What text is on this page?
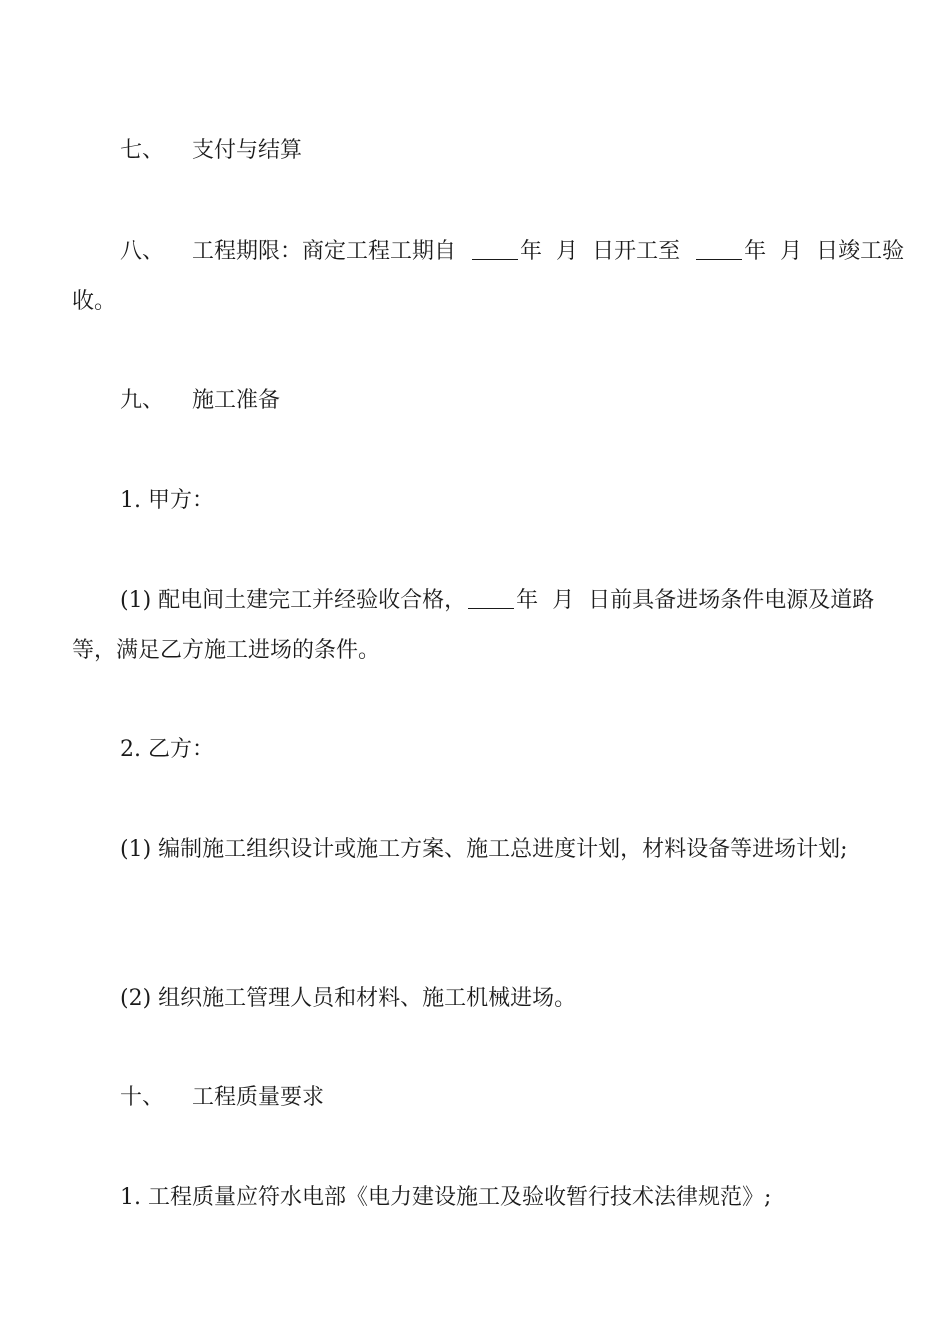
七、 支付与结算
八、 工程期限：商定工程工期自	年 月 日开工至	年 月 日竣工验
收。
九、 施工准备
1. 甲方：
(1) 配电间土建完工并经验收合格， 年 月 日前具备进场条件电源及道路
等，满足乙方施工进场的条件。
2. 乙方：
(1) 编制施工组织设计或施工方案、施工总进度计划，材料设备等进场计划;
(2) 组织施工管理人员和材料、施工机械进场。
十、 工程质量要求
1. 工程质量应符水电部《电力建设施工及验收暂行技术法律规范》;
